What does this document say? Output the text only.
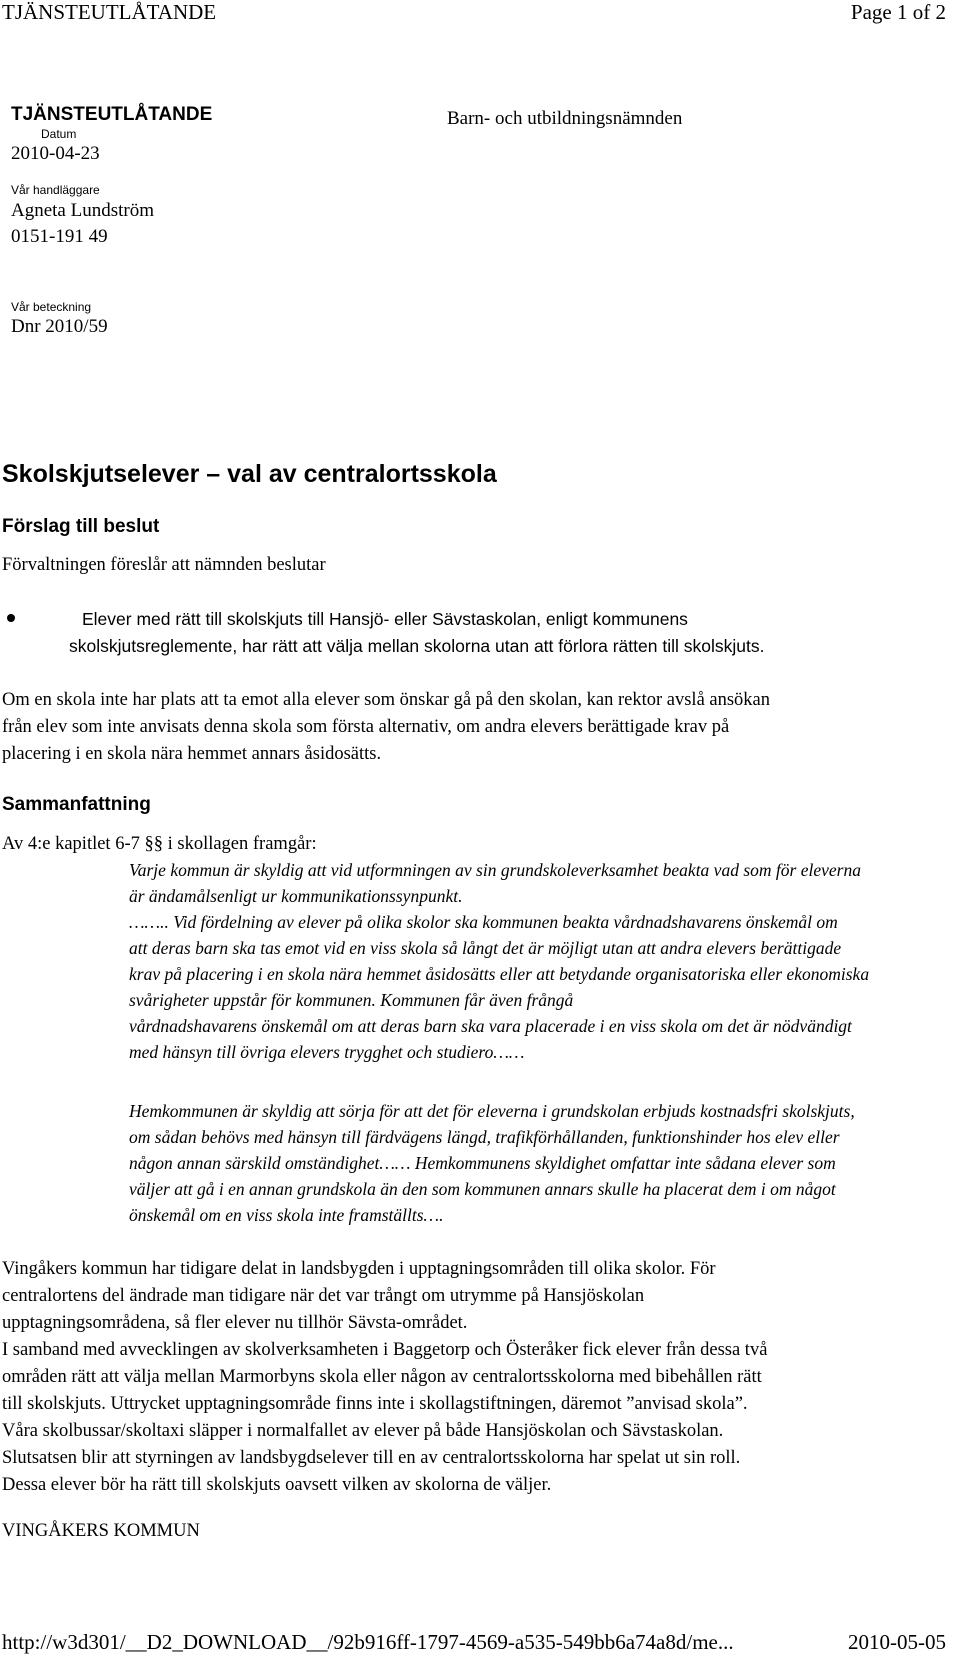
TJÄNSTEUTLÅTANDE	Page 1 of 2
TJÄNSTEUTLÅTANDE
Datum
2010-04-23
Vår handläggare
Agneta Lundström
0151-191 49
Vår beteckning
Dnr 2010/59
Barn- och utbildningsnämnden
Skolskjutselever – val av centralortsskola
Förslag till beslut
Förvaltningen föreslår att nämnden beslutar
Elever med rätt till skolskjuts till Hansjö- eller Sävstaskolan, enligt kommunens
skolskjutsreglemente, har rätt att välja mellan skolorna utan att förlora rätten till skolskjuts.
Om en skola inte har plats att ta emot alla elever som önskar gå på den skolan, kan rektor avslå ansökan
från elev som inte anvisats denna skola som första alternativ, om andra elevers berättigade krav på
placering i en skola nära hemmet annars åsidosätts.
Sammanfattning
Av 4:e kapitlet 6-7 §§ i skollagen framgår:
Varje kommun är skyldig att vid utformningen av sin grundskoleverksamhet beakta vad som för eleverna
är ändamålsenligt ur kommunikationssynpunkt.
…….. Vid fördelning av elever på olika skolor ska kommunen beakta vårdnadshavarens önskemål om
att deras barn ska tas emot vid en viss skola så långt det är möjligt utan att andra elevers berättigade
krav på placering i en skola nära hemmet åsidosätts eller att betydande organisatoriska eller ekonomiska
svårigheter uppstår för kommunen. Kommunen får även frångå
vårdnadshavarens önskemål om att deras barn ska vara placerade i en viss skola om det är nödvändigt
med hänsyn till övriga elevers trygghet och studiero……
Hemkommunen är skyldig att sörja för att det för eleverna i grundskolan erbjuds kostnadsfri skolskjuts,
om sådan behövs med hänsyn till färdvägens längd, trafikförhållanden, funktionshinder hos elev eller
någon annan särskild omständighet…… Hemkommunens skyldighet omfattar inte sådana elever som
väljer att gå i en annan grundskola än den som kommunen annars skulle ha placerat dem i om något
önskemål om en viss skola inte framställts….
Vingåkers kommun har tidigare delat in landsbygden i upptagningsområden till olika skolor. För
centralortens del ändrade man tidigare när det var trångt om utrymme på Hansjöskolan
upptagningsområdena, så fler elever nu tillhör Sävsta-området.
I samband med avvecklingen av skolverksamheten i Baggetorp och Österåker fick elever från dessa två
områden rätt att välja mellan Marmorbyns skola eller någon av centralortsskolorna med bibehållen rätt
till skolskjuts. Uttrycket upptagningsområde finns inte i skollagstiftningen, däremot ”anvisad skola”.
Våra skolbussar/skoltaxi släpper i normalfallet av elever på både Hansjöskolan och Sävstaskolan.
Slutsatsen blir att styrningen av landsbygdselever till en av centralortsskolorna har spelat ut sin roll.
Dessa elever bör ha rätt till skolskjuts oavsett vilken av skolorna de väljer.
VINGÅKERS KOMMUN
http://w3d301/__D2_DOWNLOAD__/92b916ff-1797-4569-a535-549bb6a74a8d/me...	2010-05-05
